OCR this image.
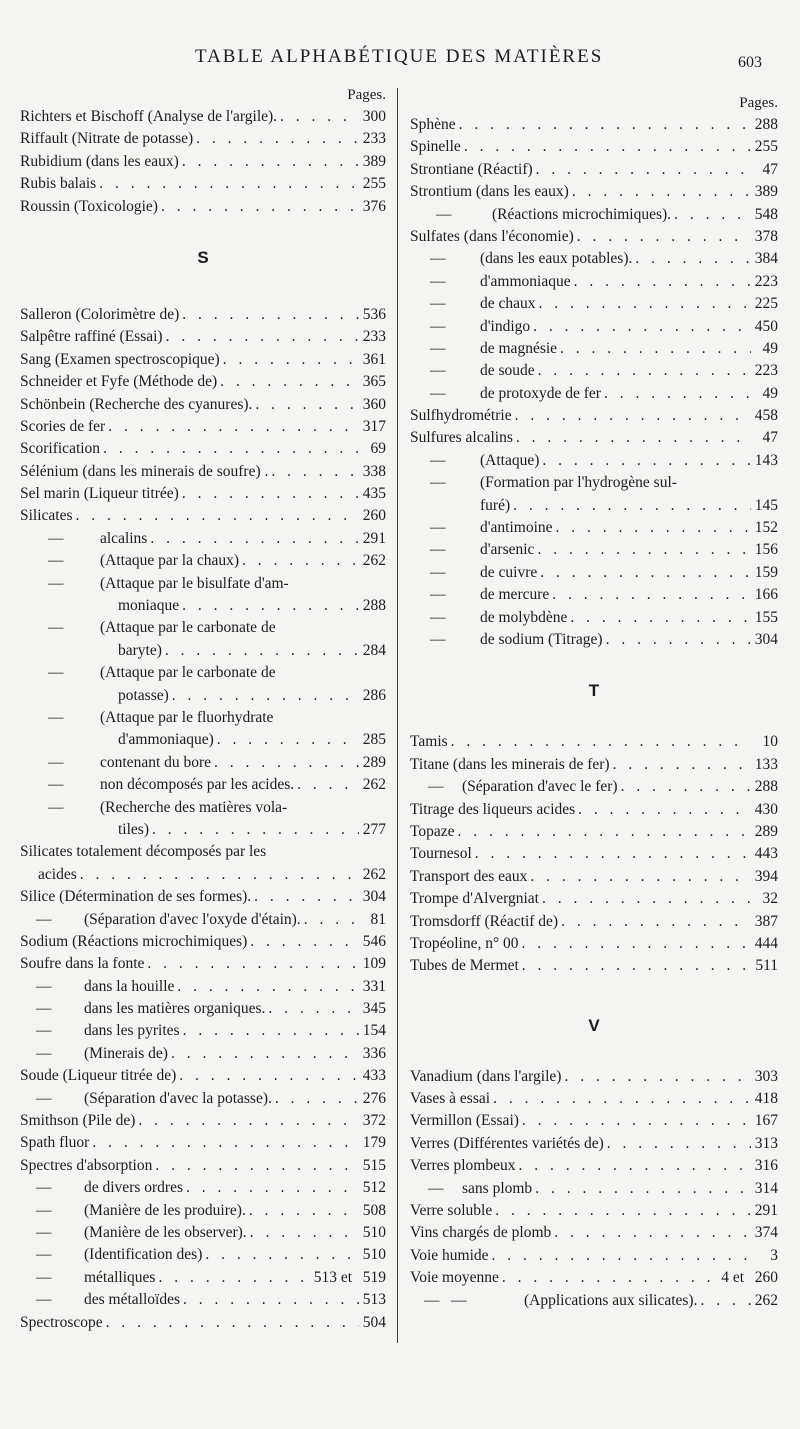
TABLE ALPHABÉTIQUE DES MATIÈRES	603
Pages.
Richters et Bischoff (Analyse de l'argile). . . .	300
Riffault (Nitrate de potasse) . . .	233
Rubidium (dans les eaux) . . .	389
Rubis balais . . .	255
Roussin (Toxicologie) . . .	376
S
Salleron (Colorimètre de) . . .	536
Salpêtre raffiné (Essai) . . .	233
Sang (Examen spectroscopique) . . .	361
Schneider et Fyfe (Méthode de) . . .	365
Schönbein (Recherche des cyanures). . . .	360
Scories de fer . . .	317
Scorification . . .	69
Sélénium (dans les minerais de soufre) . . . .	338
Sel marin (Liqueur titrée) . . .	435
Silicates . . .	260
—	alcalins . . .	291
—	(Attaque par la chaux) . . .	262
—	(Attaque par le bisulfate d'am-
moniaque . . .	288
—	(Attaque par le carbonate de
baryte) . . .	284
—	(Attaque par le carbonate de
potasse) . . .	286
—	(Attaque par le fluorhydrate
d'ammoniaque) . . .	285
—	contenant du bore . . .	289
—	non décomposés par les acides. . . .	262
—	(Recherche des matières vola-
tiles) . . .	277
Silicates totalement décomposés par les
acides . . .	262
Silice (Détermination de ses formes). . . .	304
—	(Séparation d'avec l'oxyde d'étain). . . .	81
Sodium (Réactions microchimiques) . . .	546
Soufre dans la fonte . . .	109
—	dans la houille . . .	331
—	dans les matières organiques. . . .	345
—	dans les pyrites . . .	154
—	(Minerais de) . . .	336
Soude (Liqueur titrée de) . . .	433
—	(Séparation d'avec la potasse). . . .	276
Smithson (Pile de) . . .	372
Spath fluor . . .	179
Spectres d'absorption . . .	515
—	de divers ordres . . .	512
—	(Manière de les produire). . . .	508
—	(Manière de les observer). . . .	510
—	(Identification des) . . .	510
—	métalliques . . .	513 et 519
—	des métalloïdes . . .	513
Spectroscope . . .	504
Pages.
Sphène . . .	288
Spinelle . . .	255
Strontiane (Réactif) . . .	47
Strontium (dans les eaux) . . .	389
—	(Réactions microchimiques). . . .	548
Sulfates (dans l'économie) . . .	378
—	(dans les eaux potables). . . .	384
—	d'ammoniaque . . .	223
—	de chaux . . .	225
—	d'indigo . . .	450
—	de magnésie . . .	49
—	de soude . . .	223
—	de protoxyde de fer . . .	49
Sulfhydrométrie . . .	458
Sulfures alcalins . . .	47
—	(Attaque) . . .	143
—	(Formation par l'hydrogène sul-
furé) . . .	145
—	d'antimoine . . .	152
—	d'arsenic . . .	156
—	de cuivre . . .	159
—	de mercure . . .	166
—	de molybdène . . .	155
—	de sodium (Titrage) . . .	304
T
Tamis . . .	10
Titane (dans les minerais de fer) . . .	133
—	(Séparation d'avec le fer) . . .	288
Titrage des liqueurs acides . . .	430
Topaze . . .	289
Tournesol . . .	443
Transport des eaux . . .	394
Trompe d'Alvergniat . . .	32
Tromsdorff (Réactif de) . . .	387
Tropéoline, n° 00 . . .	444
Tubes de Mermet . . .	511
V
Vanadium (dans l'argile) . . .	303
Vases à essai . . .	418
Vermillon (Essai) . . .	167
Verres (Différentes variétés de) . . .	313
Verres plombeux . . .	316
—	sans plomb . . .	314
Verre soluble . . .	291
Vins chargés de plomb . . .	374
Voie humide . . .	3
Voie moyenne . . .	4 et 260
—   —	(Applications aux silicates). . . .	262
